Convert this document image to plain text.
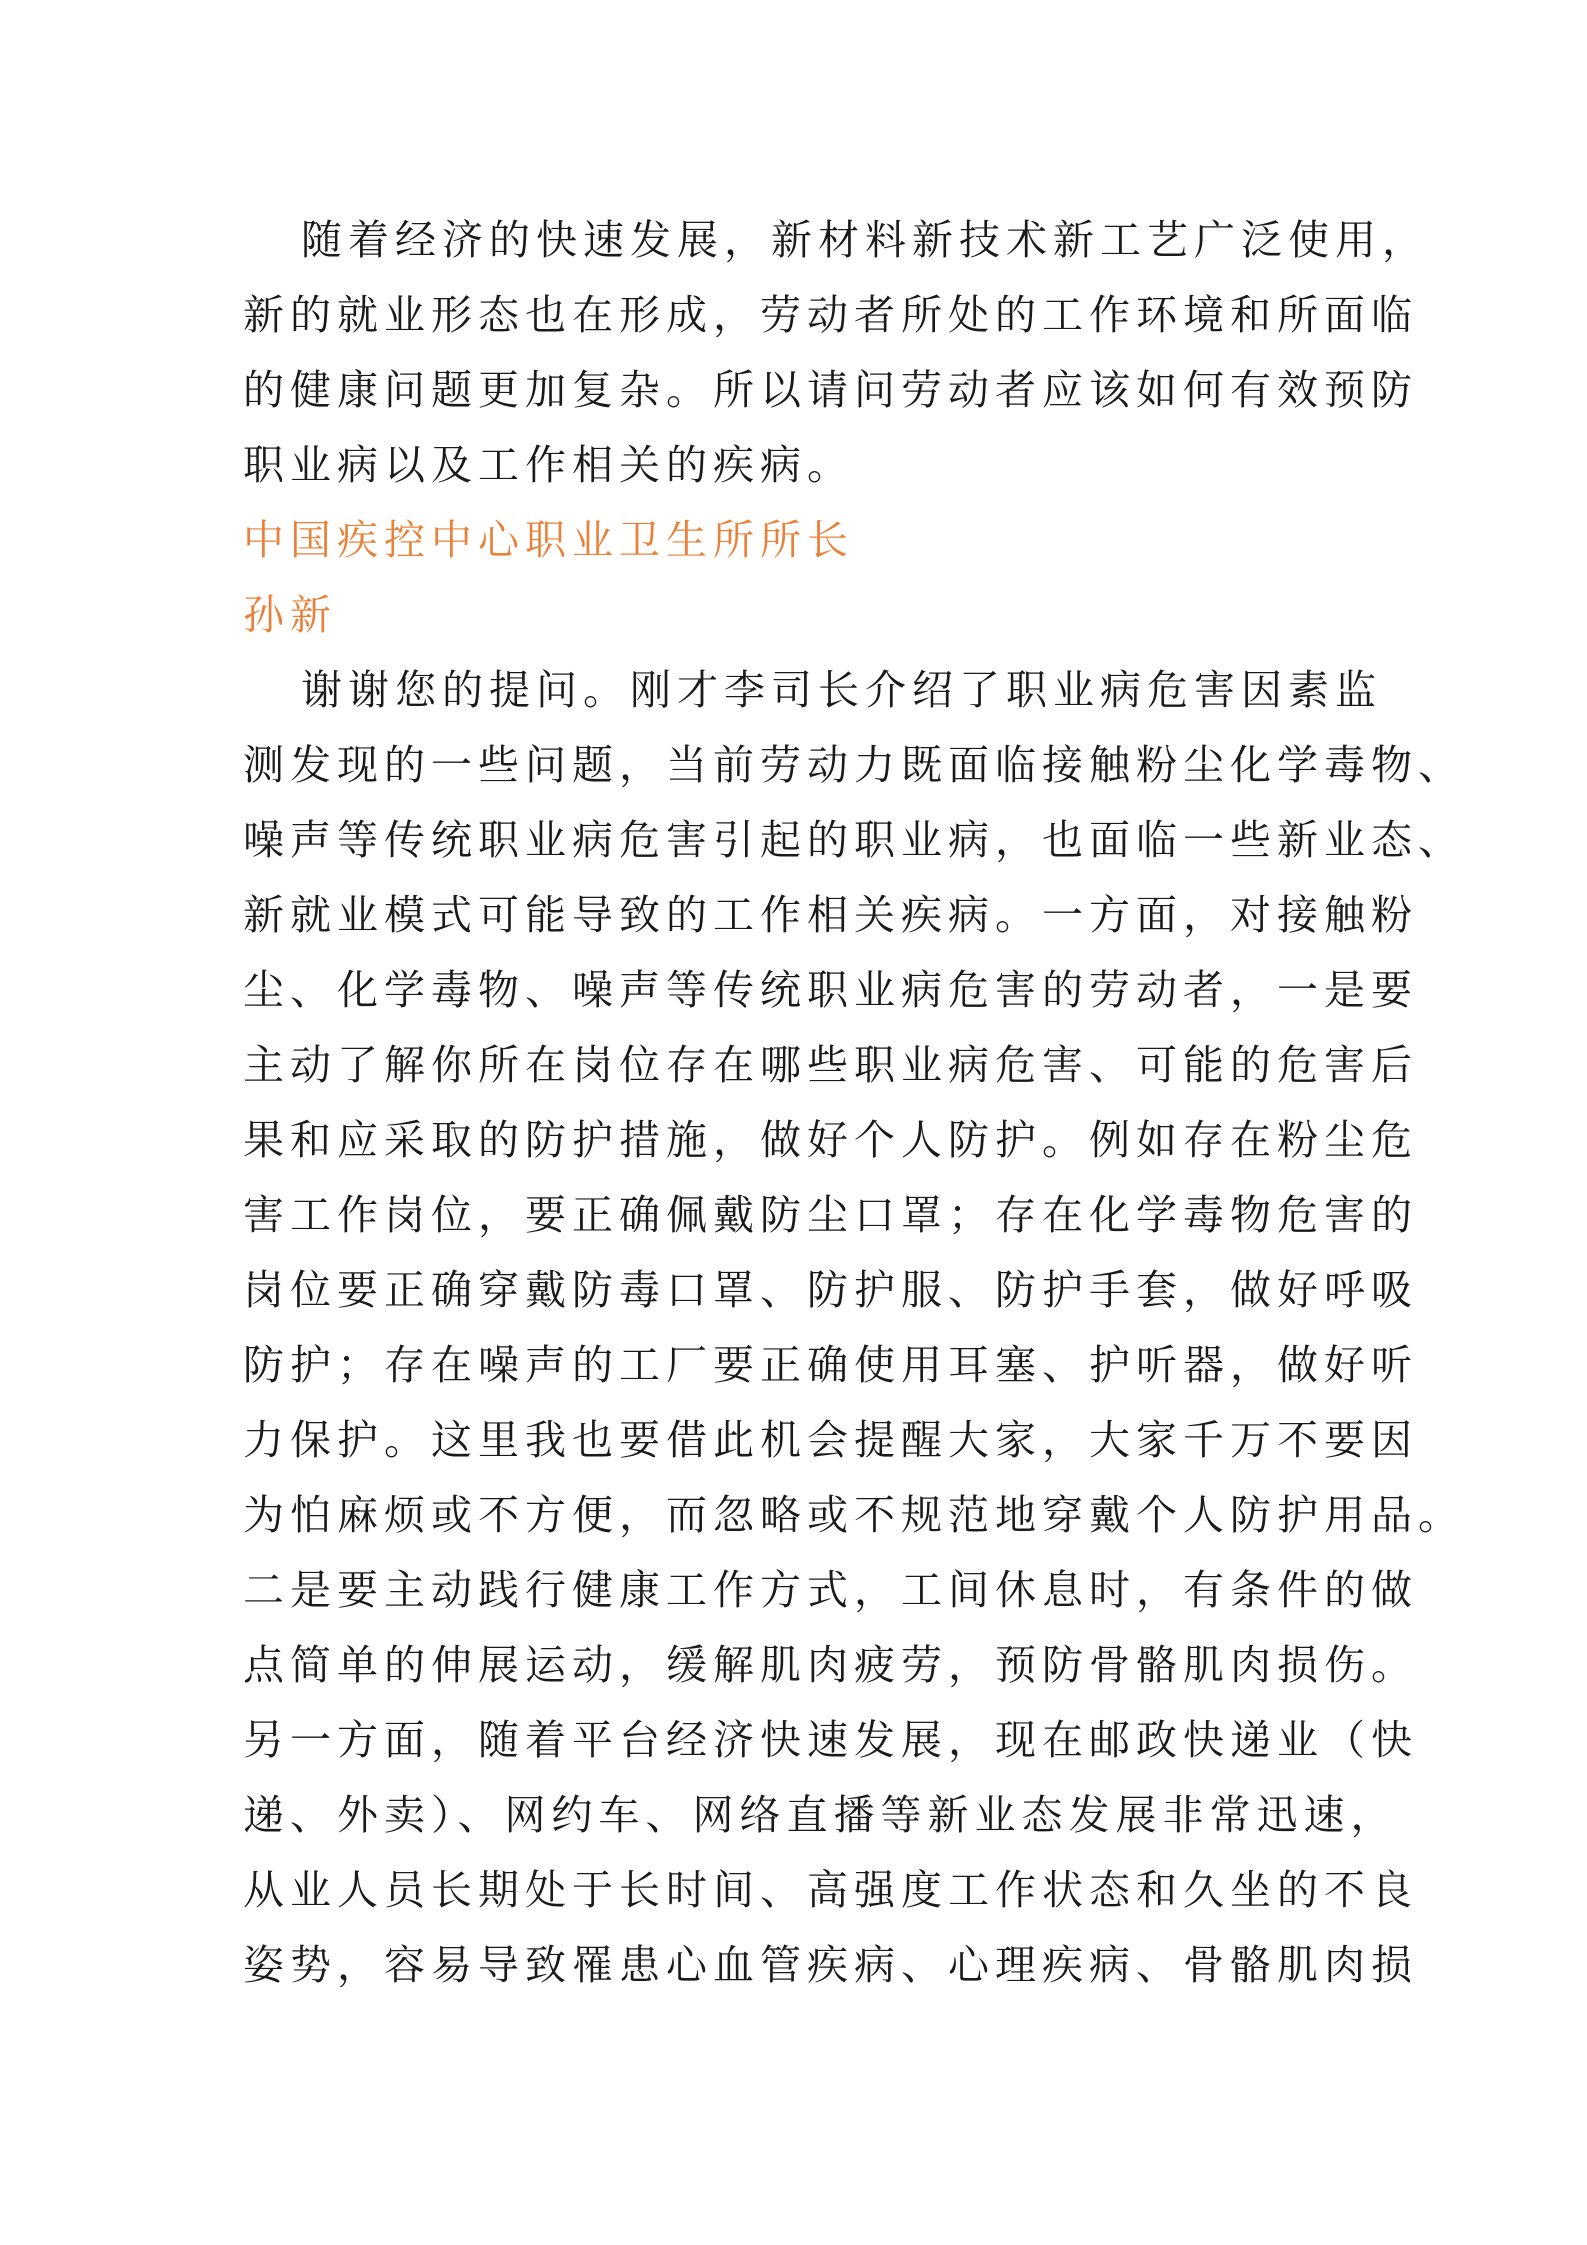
随着经济的快速发展，新材料新技术新工艺广泛使用，
新的就业形态也在形成，劳动者所处的工作环境和所面临
的健康问题更加复杂。所以请问劳动者应该如何有效预防
职业病以及工作相关的疾病。
中国疾控中心职业卫生所所长
孙新
谢谢您的提问。刚才李司长介绍了职业病危害因素监
测发现的一些问题，当前劳动力既面临接触粉尘化学毒物、
噪声等传统职业病危害引起的职业病，也面临一些新业态、
新就业模式可能导致的工作相关疾病。一方面，对接触粉
尘、化学毒物、噪声等传统职业病危害的劳动者，一是要
主动了解你所在岗位存在哪些职业病危害、可能的危害后
果和应采取的防护措施，做好个人防护。例如存在粉尘危
害工作岗位，要正确佩戴防尘口罩；存在化学毒物危害的
岗位要正确穿戴防毒口罩、防护服、防护手套，做好呼吸
防护；存在噪声的工厂要正确使用耳塞、护听器，做好听
力保护。这里我也要借此机会提醒大家，大家千万不要因
为怕麻烦或不方便，而忽略或不规范地穿戴个人防护用品。
二是要主动践行健康工作方式，工间休息时，有条件的做
点简单的伸展运动，缓解肌肉疲劳，预防骨骼肌肉损伤。
另一方面，随着平台经济快速发展，现在邮政快递业（快
递、外卖）、网约车、网络直播等新业态发展非常迅速，
从业人员长期处于长时间、高强度工作状态和久坐的不良
姿势，容易导致罹患心血管疾病、心理疾病、骨骼肌肉损
